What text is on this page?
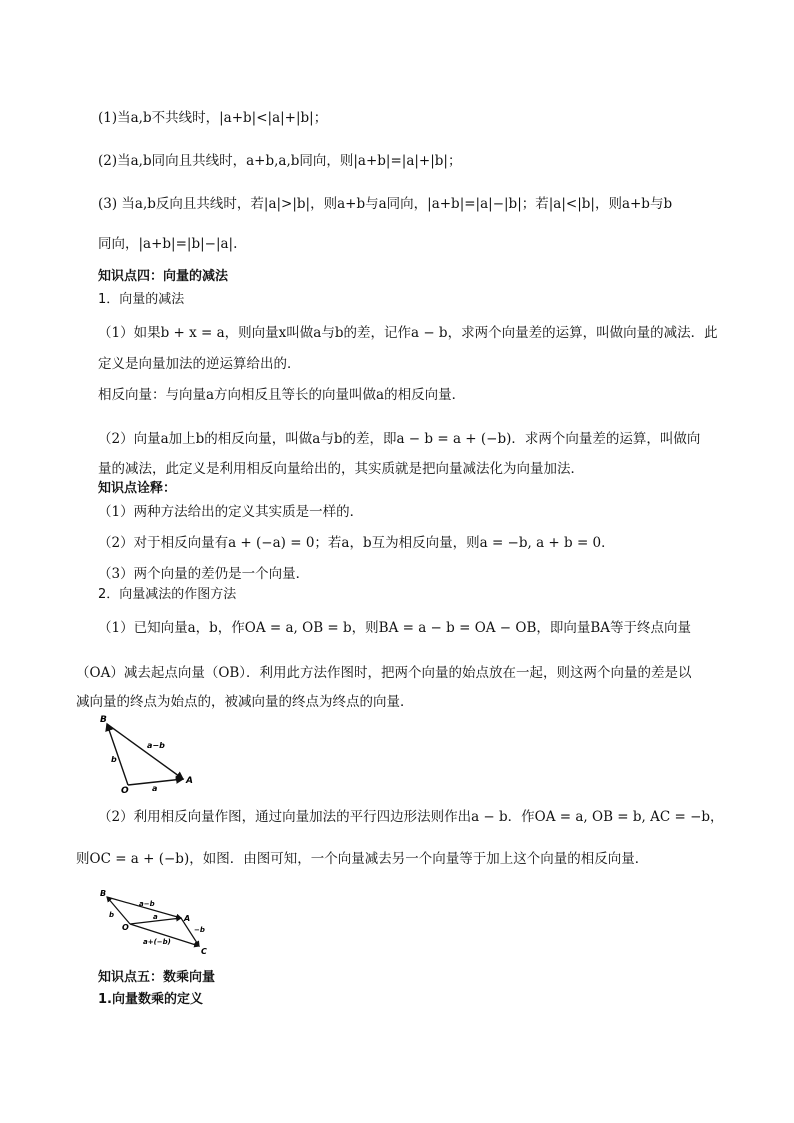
(1)当a,b不共线时，|a+b|<|a|+|b|；
(2)当a,b同向且共线时，a+b,a,b同向，则|a+b|=|a|+|b|；
(3) 当a,b反向且共线时，若|a|>|b|，则a+b与a同向，|a+b|=|a|−|b|；若|a|<|b|，则a+b与b
同向，|a+b|=|b|−|a|.
知识点四：向量的减法
1．向量的减法
（1）如果b + x = a，则向量x叫做a与b的差，记作a − b，求两个向量差的运算，叫做向量的减法．此
定义是向量加法的逆运算给出的．
相反向量：与向量a方向相反且等长的向量叫做a的相反向量．
（2）向量a加上b的相反向量，叫做a与b的差，即a − b = a + (−b)．求两个向量差的运算，叫做向
量的减法，此定义是利用相反向量给出的，其实质就是把向量减法化为向量加法．
知识点诠释：
（1）两种方法给出的定义其实质是一样的．
（2）对于相反向量有a + (−a) = 0；若a，b互为相反向量，则a = −b, a + b = 0．
（3）两个向量的差仍是一个向量．
2．向量减法的作图方法
（1）已知向量a，b，作OA = a, OB = b，则BA = a − b = OA − OB，即向量BA等于终点向量
（OA）减去起点向量（OB）．利用此方法作图时，把两个向量的始点放在一起，则这两个向量的差是以
减向量的终点为始点的，被减向量的终点为终点的向量．
B
O
A
a−b
b
a
（2）利用相反向量作图，通过向量加法的平行四边形法则作出a − b．作OA = a, OB = b, AC = −b，
则OC = a + (−b)，如图．由图可知，一个向量减去另一个向量等于加上这个向量的相反向量．
B
O
A
C
a−b
b	a
−b
a+(−b)
知识点五：数乘向量
1.向量数乘的定义
